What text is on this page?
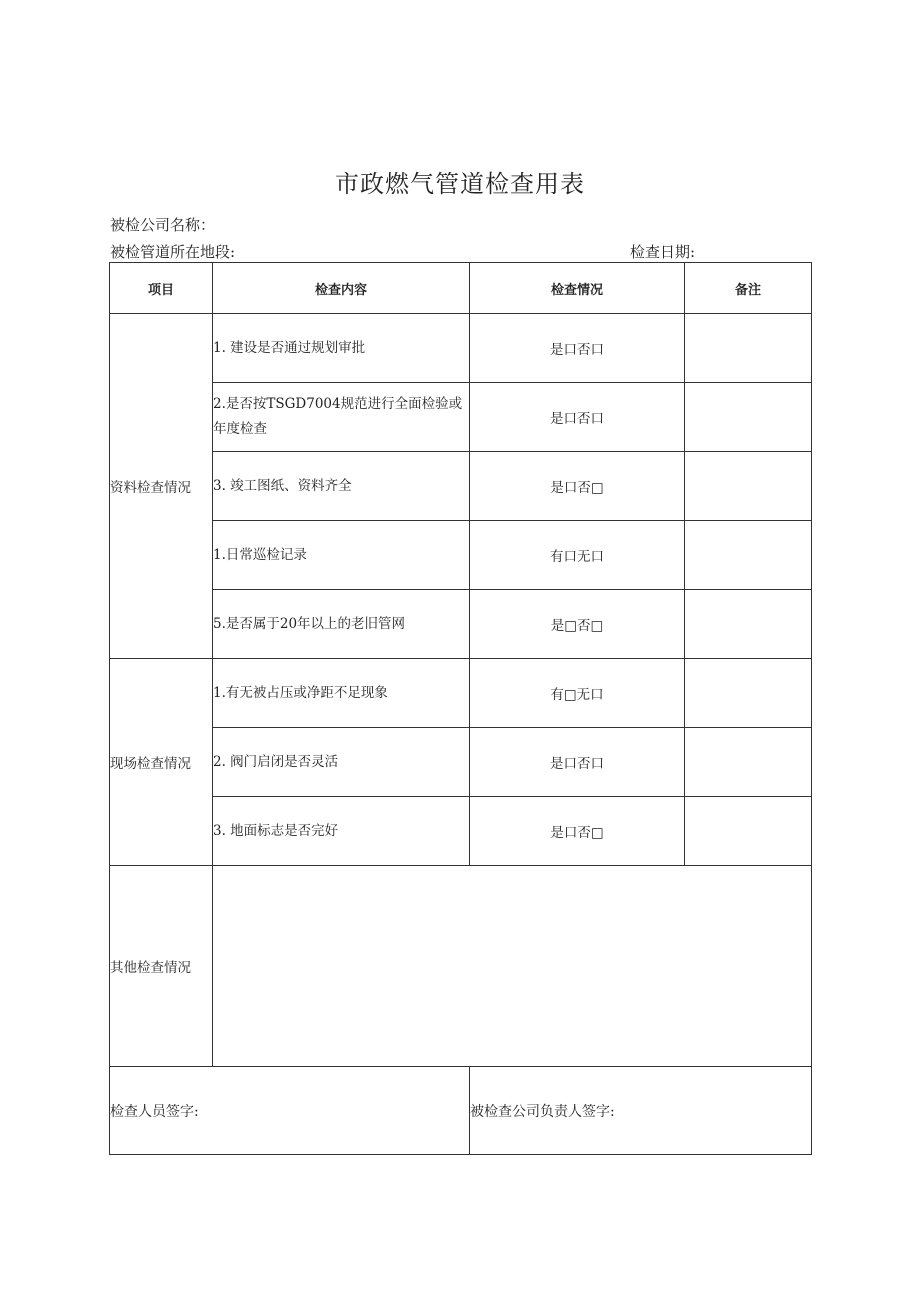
市政燃气管道检查用表
被检公司名称：
被检管道所在地段:	检查日期:
项目	检查内容	检查情况	备注
资料检查情况	1. 建设是否通过规划审批	是口否口	
	2.是否按TSGD7004规范进行全面检验或年度检查	是口否口	
	3. 竣工图纸、资料齐全	是口否□	
	1.日常巡检记录	有口无口	
	5.是否属于20年以上的老旧管网	是□否□	
现场检查情况	1.有无被占压或净距不足现象	有□无口	
	2. 阀门启闭是否灵活	是口否口	
	3. 地面标志是否完好	是口否□	
其他检查情况			
检查人员签字:		被检查公司负责人签字:	
